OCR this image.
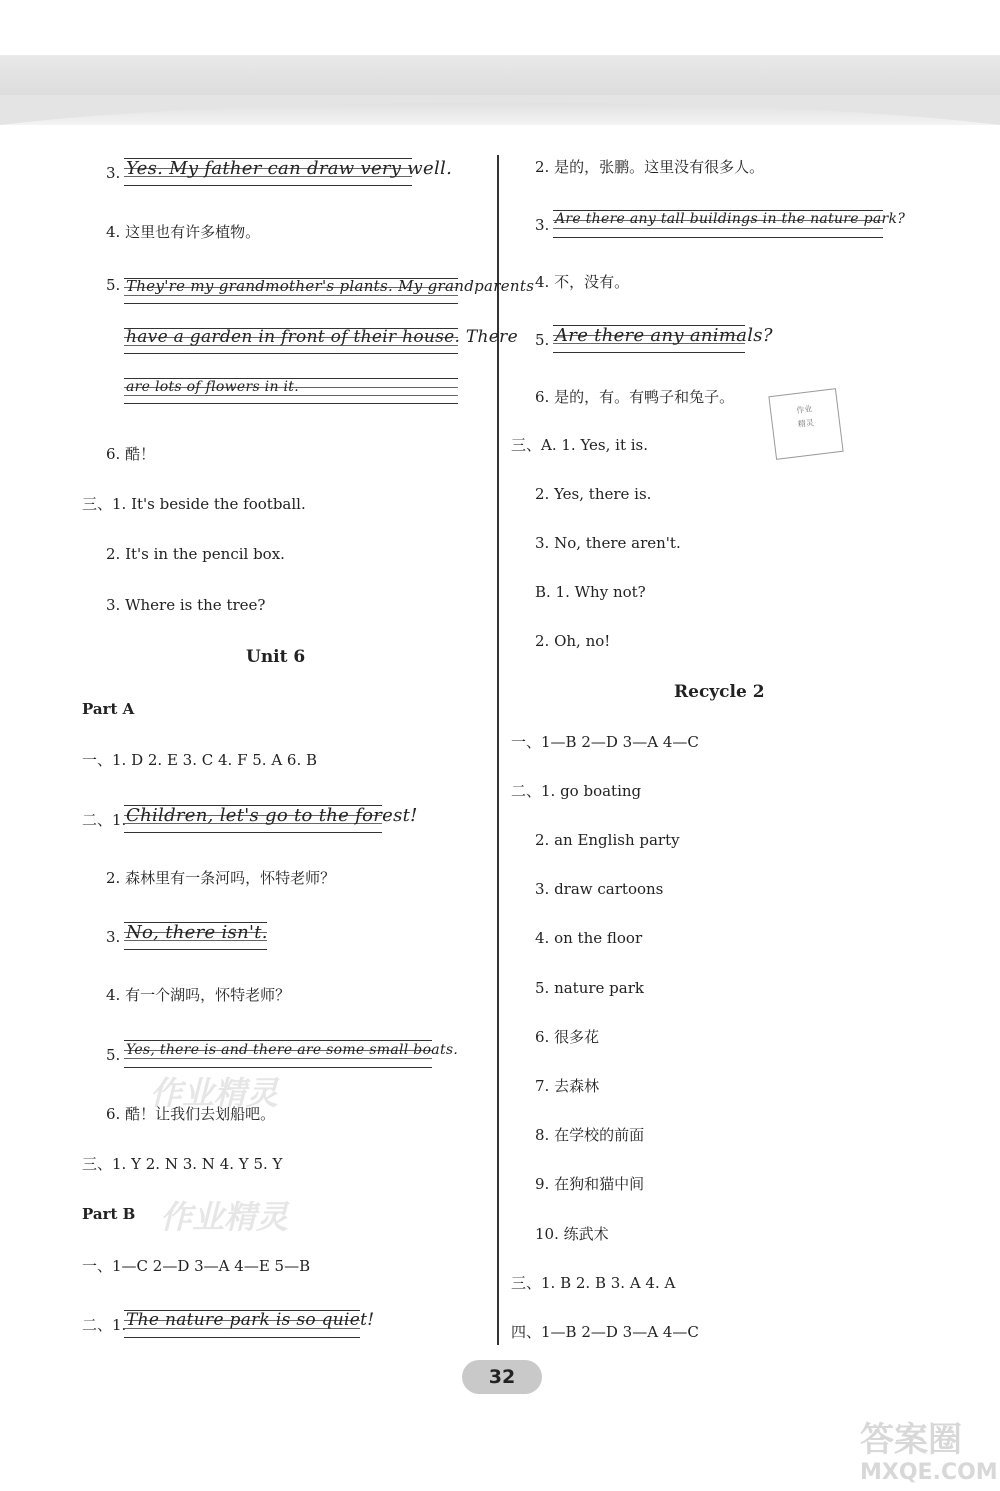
3. Yes. My father can draw very well.
4. 这里也有许多植物。
5. They're my grandmother's plants. My grandparents
have a garden in front of their house. There
are lots of flowers in it.
6. 酷！
三、1. It's beside the football.
2. It's in the pencil box.
3. Where is the tree?
Unit 6
Part A
一、1. D 2. E 3. C 4. F 5. A 6. B
二、1. Children, let's go to the forest!
2. 森林里有一条河吗，怀特老师？
3. No, there isn't.
4. 有一个湖吗，怀特老师？
5. Yes, there is and there are some small boats.
作业精灵
6. 酷！让我们去划船吧。
三、1. Y 2. N 3. N 4. Y 5. Y
作业精灵
Part B
一、1—C 2—D 3—A 4—E 5—B
二、1. The nature park is so quiet!
2. 是的，张鹏。这里没有很多人。
3. Are there any tall buildings in the nature park?
4. 不，没有。
5. Are there any animals?
6. 是的，有。有鸭子和兔子。
作业
精灵
三、A. 1. Yes, it is.
2. Yes, there is.
3. No, there aren't.
B. 1. Why not?
2. Oh, no!
Recycle 2
一、1—B 2—D 3—A 4—C
二、1. go boating
2. an English party
3. draw cartoons
4. on the floor
5. nature park
6. 很多花
7. 去森林
8. 在学校的前面
9. 在狗和猫中间
10. 练武术
三、1. B 2. B 3. A 4. A
四、1—B 2—D 3—A 4—C
32
答案圈
MXQE.COM
